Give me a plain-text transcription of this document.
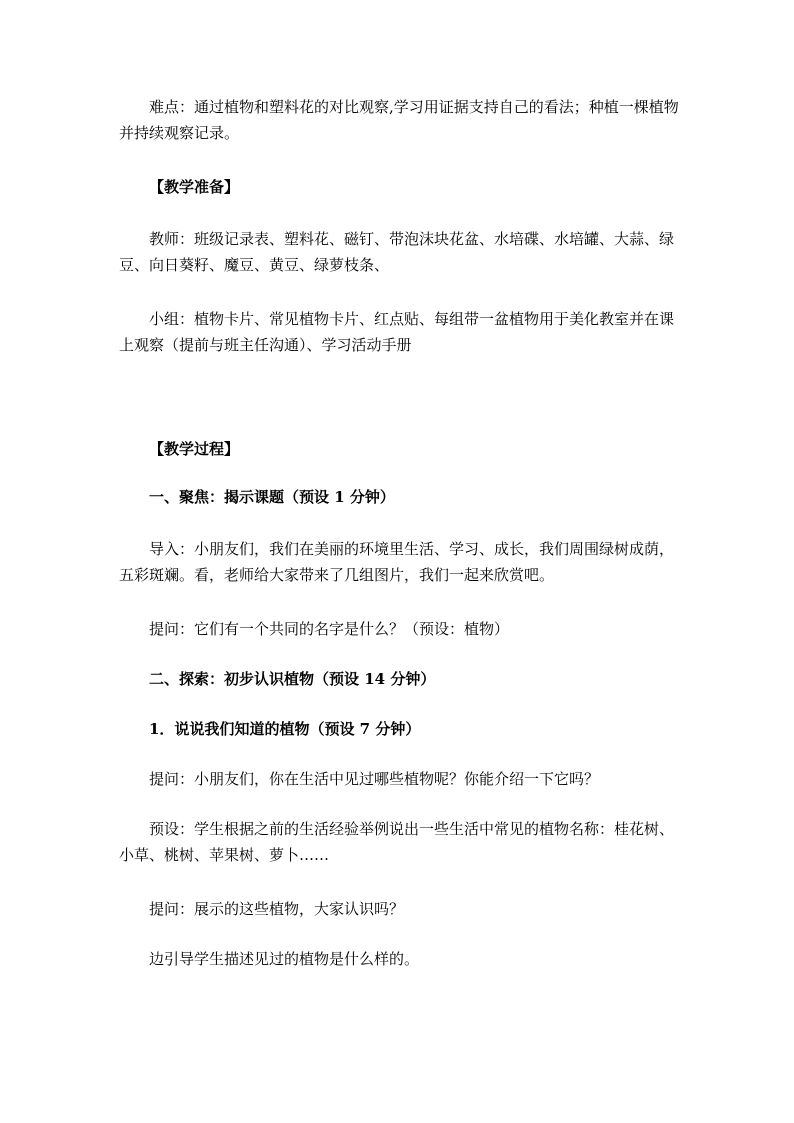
难点：通过植物和塑料花的对比观察,学习用证据支持自己的看法；种植一棵植物并持续观察记录。
【教学准备】
教师：班级记录表、塑料花、磁钉、带泡沫块花盆、水培碟、水培罐、大蒜、绿豆、向日葵籽、魔豆、黄豆、绿萝枝条、
小组：植物卡片、常见植物卡片、红点贴、每组带一盆植物用于美化教室并在课上观察（提前与班主任沟通）、学习活动手册
【教学过程】
一、聚焦：揭示课题（预设 1 分钟）
导入：小朋友们，我们在美丽的环境里生活、学习、成长，我们周围绿树成荫，五彩斑斓。看，老师给大家带来了几组图片，我们一起来欣赏吧。
提问：它们有一个共同的名字是什么？（预设：植物）
二、探索：初步认识植物（预设 14 分钟）
1．说说我们知道的植物（预设 7 分钟）
提问：小朋友们，你在生活中见过哪些植物呢？你能介绍一下它吗？
预设：学生根据之前的生活经验举例说出一些生活中常见的植物名称：桂花树、小草、桃树、苹果树、萝卜……
提问：展示的这些植物，大家认识吗？
边引导学生描述见过的植物是什么样的。
